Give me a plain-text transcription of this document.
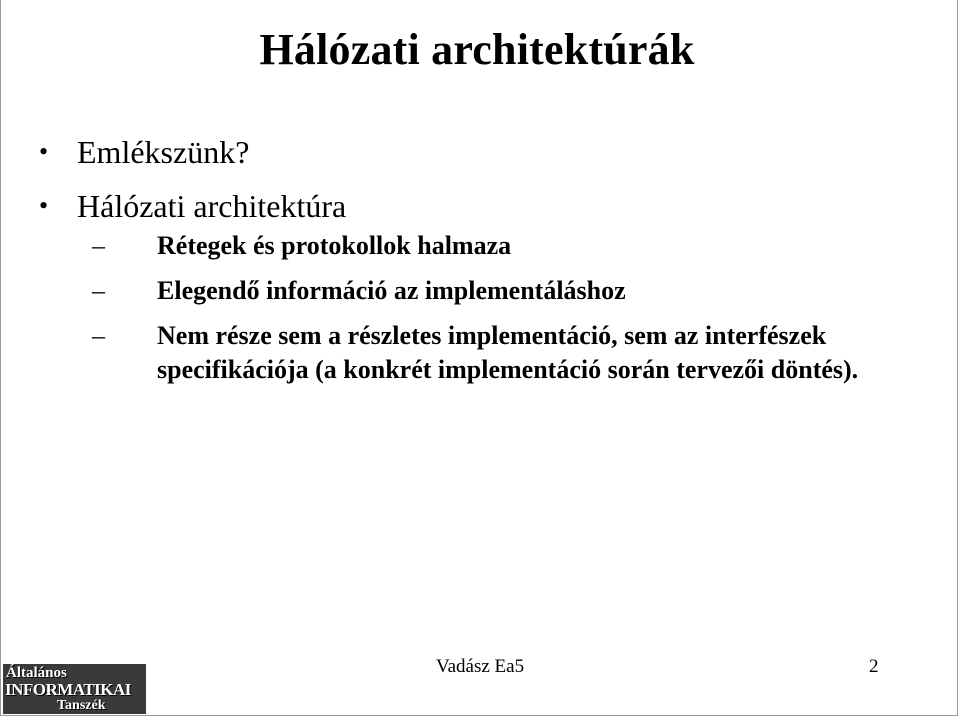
Hálózati architektúrák
• Emlékszünk?
• Hálózati architektúra
– Rétegek és protokollok halmaza
– Elegendő információ az implementáláshoz
– Nem része sem a részletes implementáció, sem az interfészek specifikációja (a konkrét implementáció során tervezői döntés).
Vadász Ea5	2
Általános
INFORMATIKAI
Tanszék
